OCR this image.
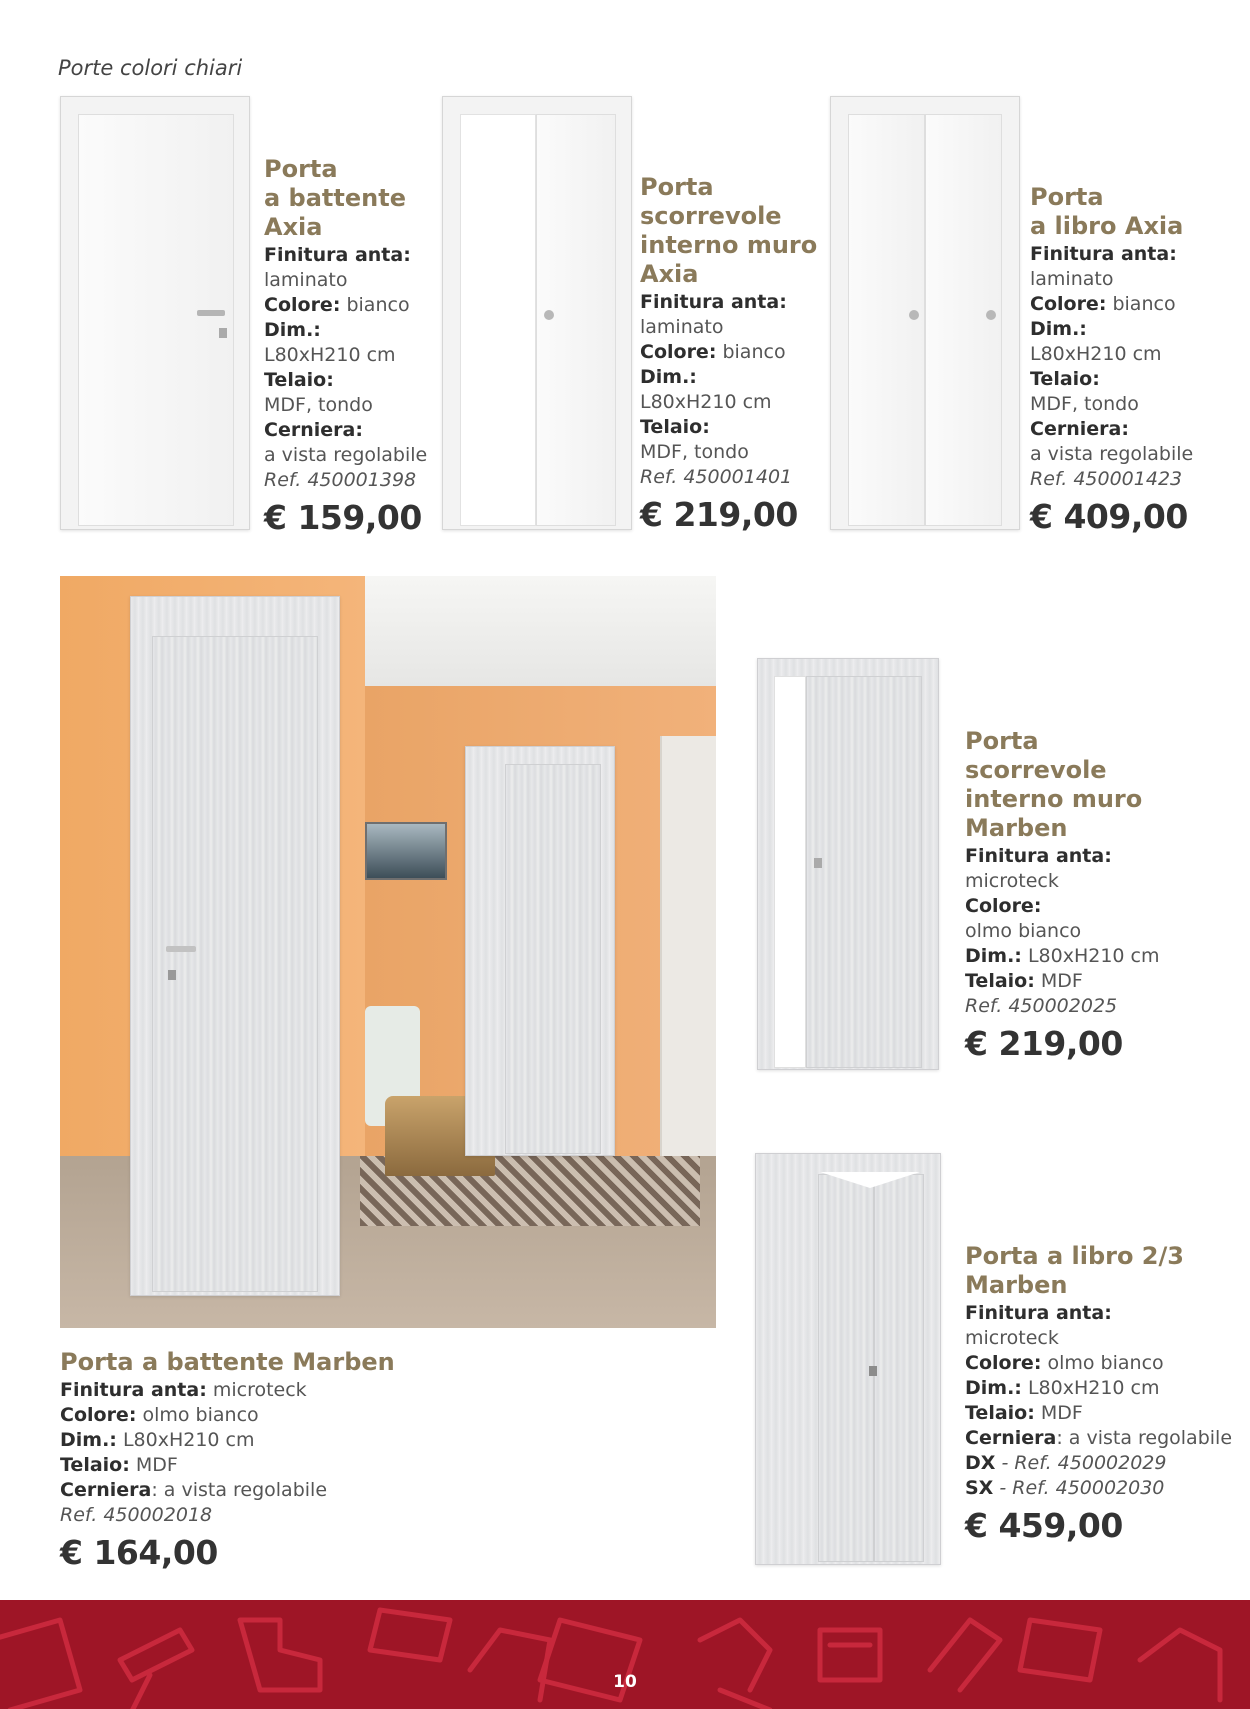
Porte colori chiari
Porta
a battente
Axia
Finitura anta:
laminato
Colore: bianco
Dim.:
L80xH210 cm
Telaio:
MDF, tondo
Cerniera:
a vista regolabile
Ref. 450001398
€ 159,00
Porta
scorrevole
interno muro
Axia
Finitura anta:
laminato
Colore: bianco
Dim.:
L80xH210 cm
Telaio:
MDF, tondo
Ref. 450001401
€ 219,00
Porta
a libro Axia
Finitura anta:
laminato
Colore: bianco
Dim.:
L80xH210 cm
Telaio:
MDF, tondo
Cerniera:
a vista regolabile
Ref. 450001423
€ 409,00
Porta
scorrevole
interno muro
Marben
Finitura anta:
microteck
Colore:
olmo bianco
Dim.: L80xH210 cm
Telaio: MDF
Ref. 450002025
€ 219,00
Porta a battente Marben
Finitura anta: microteck
Colore: olmo bianco
Dim.: L80xH210 cm
Telaio: MDF
Cerniera: a vista regolabile
Ref. 450002018
€ 164,00
Porta a libro 2/3
Marben
Finitura anta:
microteck
Colore: olmo bianco
Dim.: L80xH210 cm
Telaio: MDF
Cerniera: a vista regolabile
DX - Ref. 450002029
SX - Ref. 450002030
€ 459,00
10
